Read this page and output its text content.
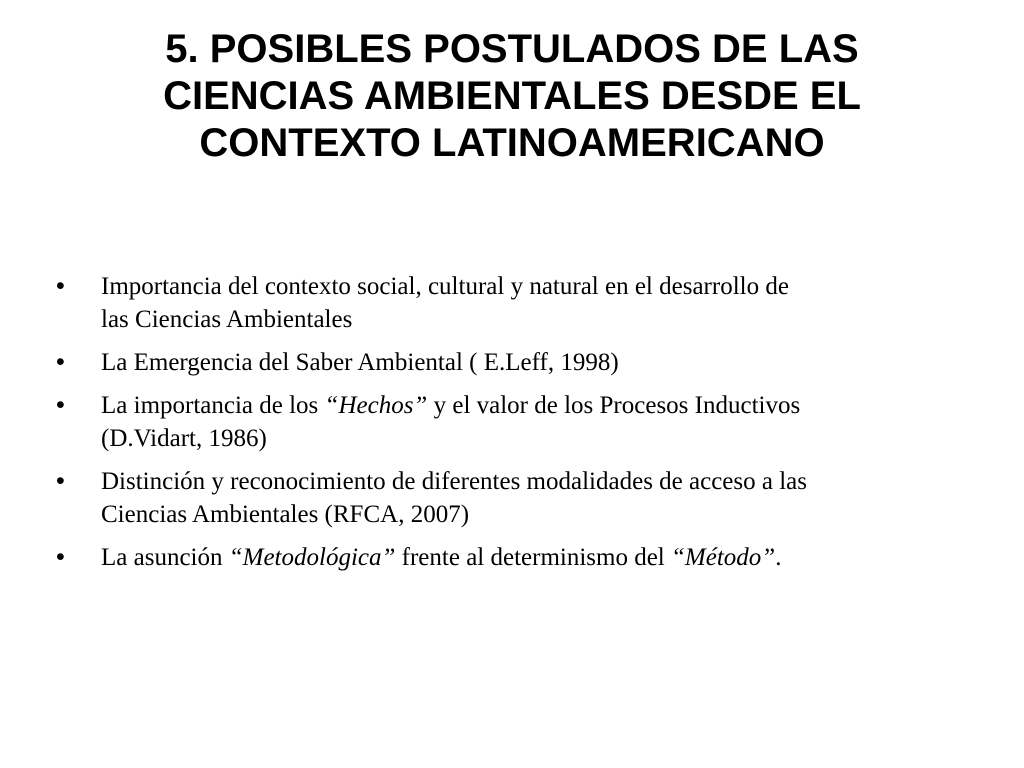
5. POSIBLES POSTULADOS DE LAS
CIENCIAS AMBIENTALES DESDE EL
CONTEXTO LATINOAMERICANO
•	Importancia del contexto social, cultural y natural en el desarrollo de
las Ciencias Ambientales
•	La Emergencia del Saber Ambiental ( E.Leff, 1998)
•	La importancia de los “Hechos” y el valor de los Procesos Inductivos
(D.Vidart, 1986)
•	Distinción y reconocimiento de diferentes modalidades de acceso a las
Ciencias Ambientales (RFCA, 2007)
•	La asunción “Metodológica” frente al determinismo del “Método”.
